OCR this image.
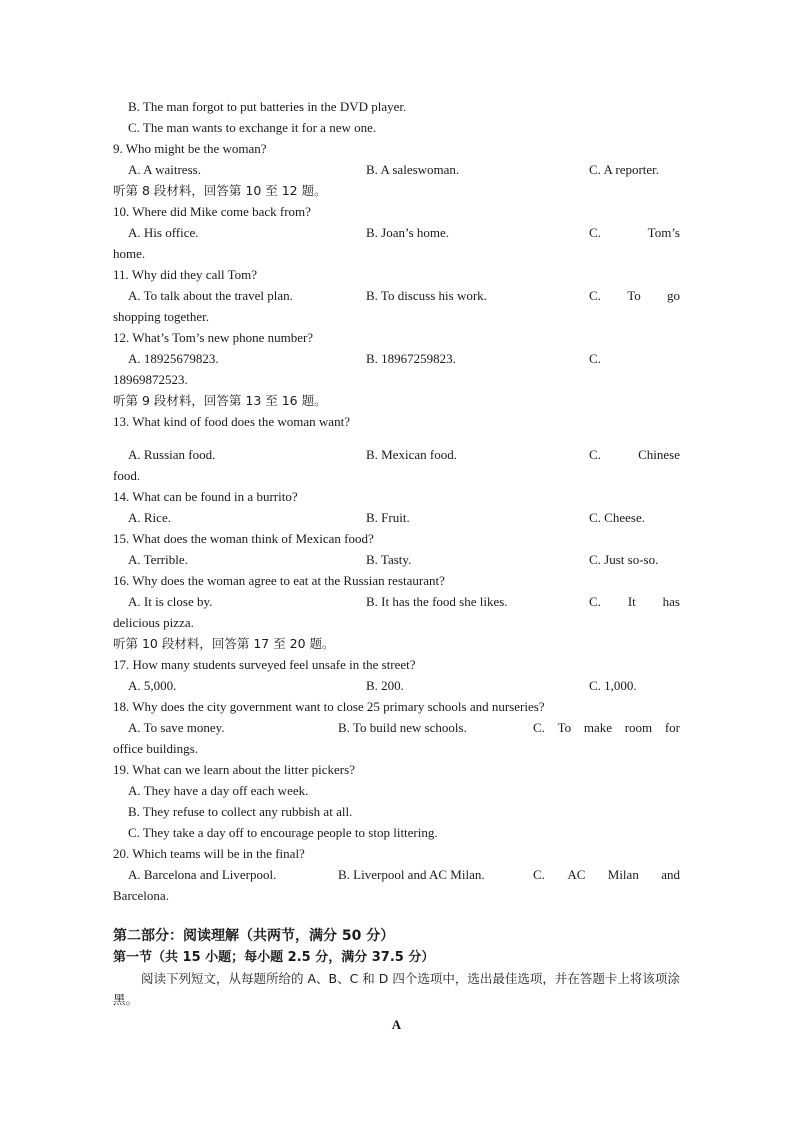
B. The man forgot to put batteries in the DVD player.
C. The man wants to exchange it for a new one.
9. Who might be the woman?
A. A waitress.	B. A saleswoman.	C. A reporter.
听第 8 段材料，回答第 10 至 12 题。
10. Where did Mike come back from?
A. His office.	B. Joan’s home.	C.	Tom’s
home.
11. Why did they call Tom?
A. To talk about the travel plan.	B. To discuss his work.	C. To go
shopping together.
12. What’s Tom’s new phone number?
A. 18925679823.	B. 18967259823.	C.
18969872523.
听第 9 段材料，回答第 13 至 16 题。
13. What kind of food does the woman want?
A. Russian food.	B. Mexican food.	C.	Chinese
food.
14. What can be found in a burrito?
A. Rice.	B. Fruit.	C. Cheese.
15. What does the woman think of Mexican food?
A. Terrible.	B. Tasty.	C. Just so-so.
16. Why does the woman agree to eat at the Russian restaurant?
A. It is close by.	B. It has the food she likes.	C. It has
delicious pizza.
听第 10 段材料，回答第 17 至 20 题。
17. How many students surveyed feel unsafe in the street?
A. 5,000.	B. 200.	C. 1,000.
18. Why does the city government want to close 25 primary schools and nurseries?
A. To save money.	B. To build new schools.	C. To make room for
office buildings.
19. What can we learn about the litter pickers?
A. They have a day off each week.
B. They refuse to collect any rubbish at all.
C. They take a day off to encourage people to stop littering.
20. Which teams will be in the final?
A. Barcelona and Liverpool.	B. Liverpool and AC Milan.	C. AC Milan and
Barcelona.
第二部分：阅读理解（共两节，满分 50 分）
第一节（共 15 小题；每小题 2.5 分，满分 37.5 分）
阅读下列短文，从每题所给的 A、B、C 和 D 四个选项中，选出最佳选项，并在答题卡上将该项涂黑。
A
